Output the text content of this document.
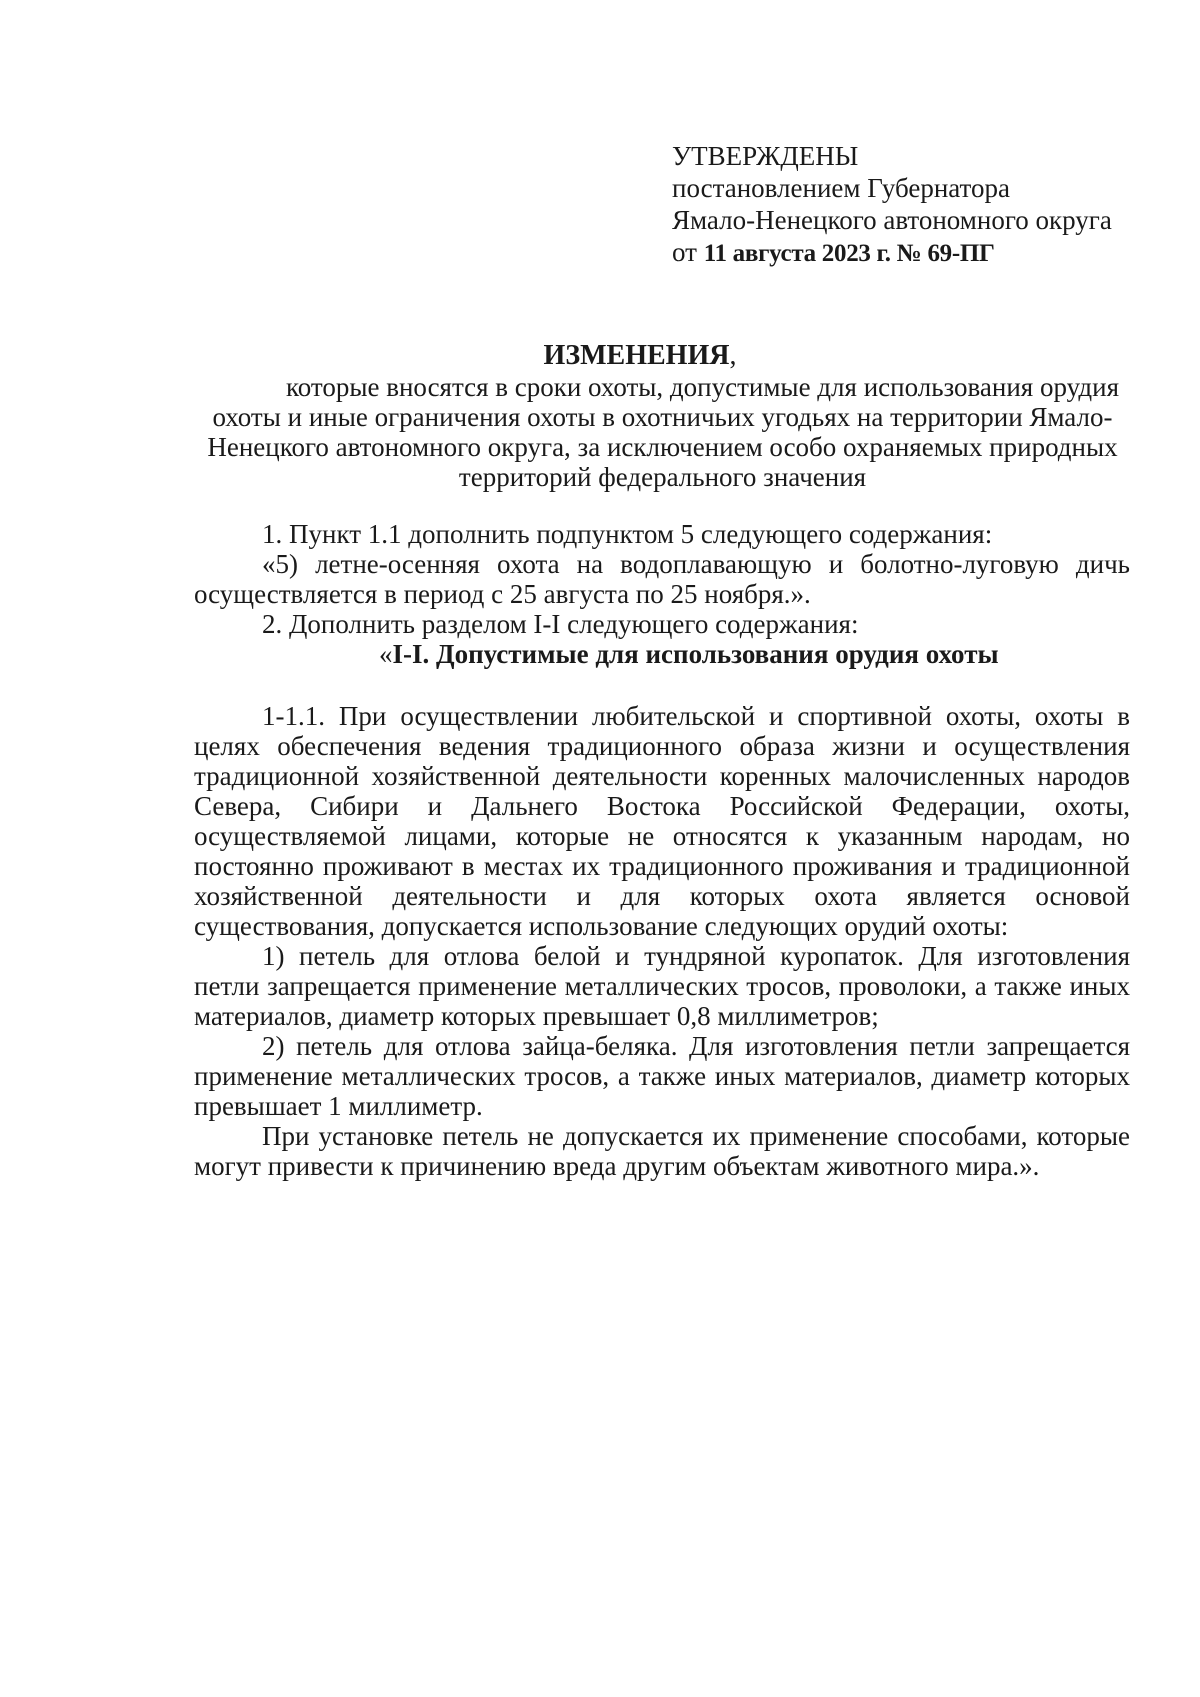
УТВЕРЖДЕНЫ

постановлением Губернатора

Ямало-Ненецкого автономного округа

от 11 августа 2023 г. № 69-ПГ

ИЗМЕНЕНИЯ,
которые вносятся в сроки охоты, допустимые для использования орудия
охоты и иные ограничения охоты в охотничьих угодьях на территории Ямало-
Ненецкого автономного округа, за исключением особо охраняемых природных
территорий федерального значения

1. Пункт 1.1 дополнить подпунктом 5 следующего содержания:

«5) летне-осенняя охота на водоплавающую и болотно-луговую дичь осуществляется в период с 25 августа по 25 ноября.».

2. Дополнить разделом I-I следующего содержания:

«I-I. Допустимые для использования орудия охоты

1-1.1. При осуществлении любительской и спортивной охоты, охоты в целях обеспечения ведения традиционного образа жизни и осуществления традиционной хозяйственной деятельности коренных малочисленных народов Севера, Сибири и Дальнего Востока Российской Федерации, охоты, осуществляемой лицами, которые не относятся к указанным народам, но постоянно проживают в местах их традиционного проживания и традиционной хозяйственной деятельности и для которых охота является основой существования, допускается использование следующих орудий охоты:

1) петель для отлова белой и тундряной куропаток. Для изготовления петли запрещается применение металлических тросов, проволоки, а также иных материалов, диаметр которых превышает 0,8 миллиметров;

2) петель для отлова зайца-беляка. Для изготовления петли запрещается применение металлических тросов, а также иных материалов, диаметр которых превышает 1 миллиметр.

При установке петель не допускается их применение способами, которые могут привести к причинению вреда другим объектам животного мира.».
